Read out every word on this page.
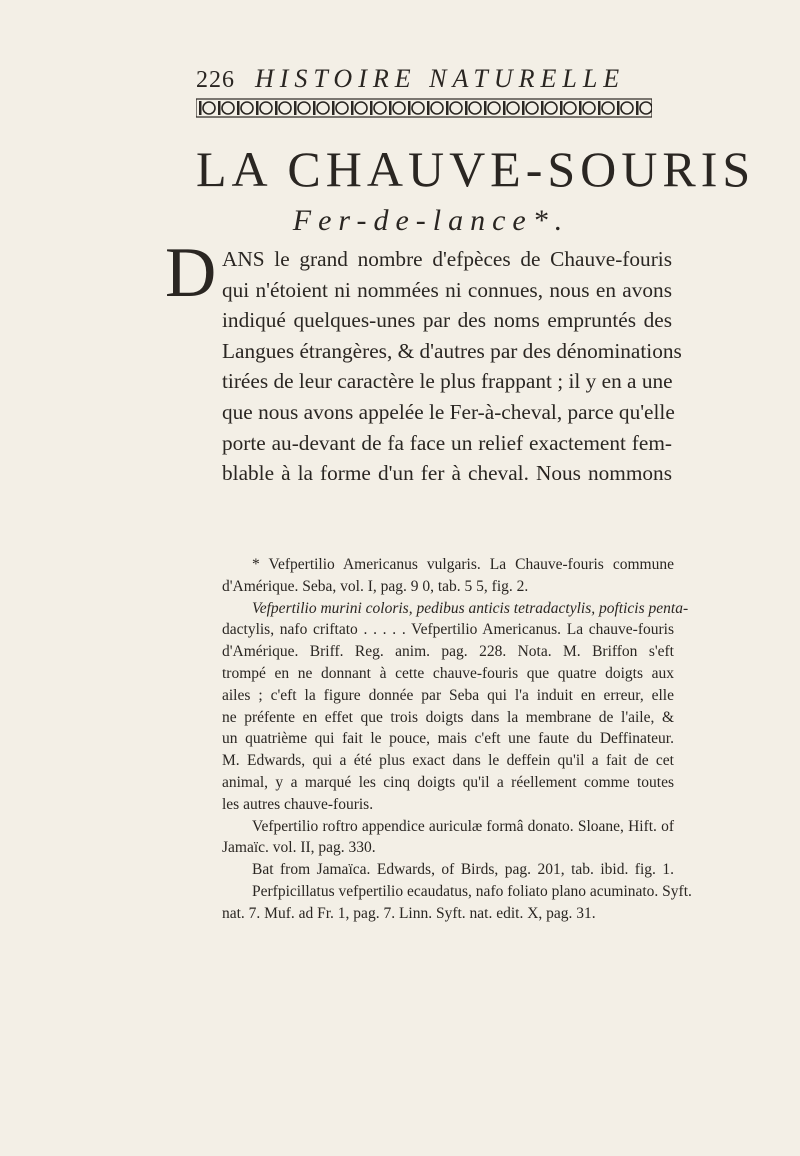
226 HISTOIRE NATURELLE
LA CHAUVE-SOURIS
Fer-de-lance*.
D ANS le grand nombre d'efpèces de Chauve-fouris
qui n'étoient ni nommées ni connues, nous en avons
indiqué quelques-unes par des noms empruntés des
Langues étrangères, & d'autres par des dénominations
tirées de leur caractère le plus frappant ; il y en a une
que nous avons appelée le Fer-à-cheval, parce qu'elle
porte au-devant de fa face un relief exactement fem-
blable à la forme d'un fer à cheval. Nous nommons
* Vefpertilio Americanus vulgaris. La Chauve-fouris commune
d'Amérique. Seba, vol. I, pag. 9 0, tab. 5 5, fig. 2.
Vefpertilio murini coloris, pedibus anticis tetradactylis, pofticis penta-
dactylis, nafo criftato . . . . . Vefpertilio Americanus. La chauve-fouris
d'Amérique. Briff. Reg. anim. pag. 228. Nota. M. Briffon s'eft
trompé en ne donnant à cette chauve-fouris que quatre doigts aux
ailes ; c'eft la figure donnée par Seba qui l'a induit en erreur, elle
ne préfente en effet que trois doigts dans la membrane de l'aile, &
un quatrième qui fait le pouce, mais c'eft une faute du Deffinateur.
M. Edwards, qui a été plus exact dans le deffein qu'il a fait de cet
animal, y a marqué les cinq doigts qu'il a réellement comme toutes
les autres chauve-fouris.
Vefpertilio roftro appendice auriculæ formâ donato. Sloane, Hift. of
Jamaïc. vol. II, pag. 330.
Bat from Jamaïca. Edwards, of Birds, pag. 201, tab. ibid. fig. 1.
Perfpicillatus vefpertilio ecaudatus, nafo foliato plano acuminato. Syft.
nat. 7. Muf. ad Fr. 1, pag. 7. Linn. Syft. nat. edit. X, pag. 31.
